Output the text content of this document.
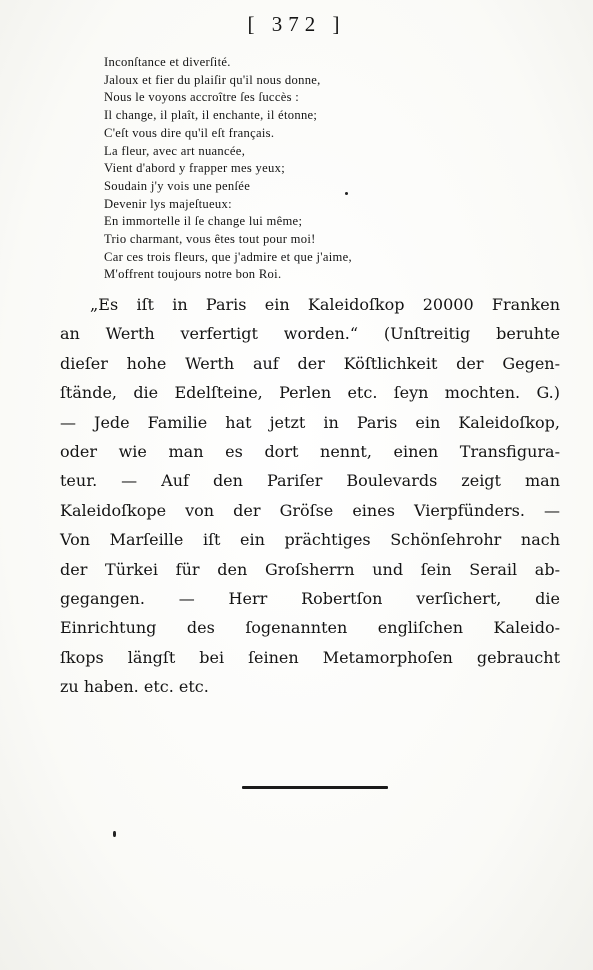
[ 372 ]
Inconſtance et diverſité.
Jaloux et fier du plaiſir qu'il nous donne,
Nous le voyons accroître ſes ſuccès :
Il change, il plaît, il enchante, il étonne;
C'eſt vous dire qu'il eſt français.
La fleur, avec art nuancée,
Vient d'abord y frapper mes yeux;
Soudain j'y vois une penſée
Devenir lys majeſtueux:
En immortelle il ſe change lui même;
Trio charmant, vous êtes tout pour moi!
Car ces trois fleurs, que j'admire et que j'aime,
M'offrent toujours notre bon Roi.
„Es iſt in Paris ein Kaleidoſkop 20000 Franken
an Werth verfertigt worden.“ (Unſtreitig beruhte
dieſer hohe Werth auf der Köſtlichkeit der Gegen-
ſtände, die Edelſteine, Perlen etc. ſeyn mochten. G.)
— Jede Familie hat jetzt in Paris ein Kaleidoſkop,
oder wie man es dort nennt, einen Transfigura-
teur. — Auf den Pariſer Boulevards zeigt man
Kaleidoſkope von der Gröſse eines Vierpfünders. —
Von Marſeille iſt ein prächtiges Schönſehrohr nach
der Türkei für den Groſsherrn und ſein Serail ab-
gegangen. — Herr Robertſon verſichert, die
Einrichtung des ſogenannten engliſchen Kaleido-
ſkops längſt bei ſeinen Metamorphoſen gebraucht
zu haben. etc. etc.
